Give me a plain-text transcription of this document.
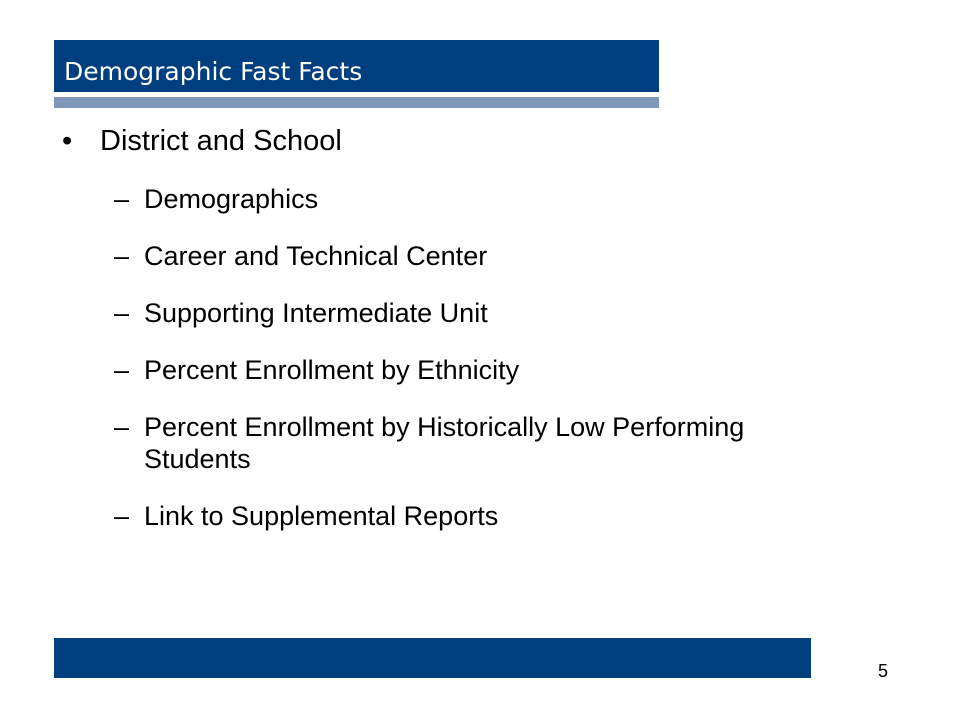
Demographic Fast Facts
• District and School
– Demographics
– Career and Technical Center
– Supporting Intermediate Unit
– Percent Enrollment by Ethnicity
– Percent Enrollment by Historically Low Performing Students
– Link to Supplemental Reports
5
